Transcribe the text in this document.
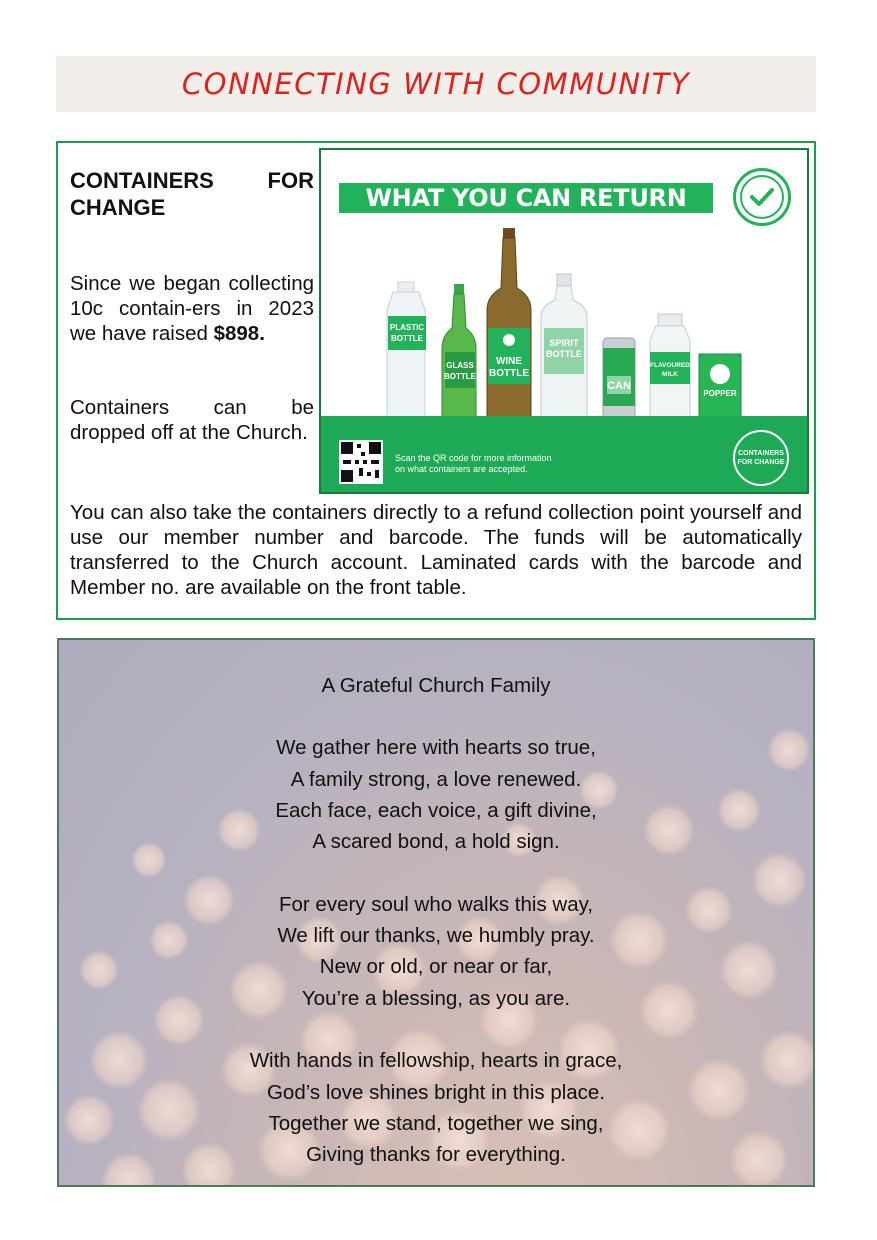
CONNECTING WITH COMMUNITY
CONTAINERS FOR
CHANGE
Since we began collecting 10c contain-ers in 2023 we have raised $898.
Containers can be dropped off at the Church.
WHAT YOU CAN RETURN
PLASTIC
BOTTLE
GLASS
BOTTLE
WINE
BOTTLE
SPIRIT
BOTTLE
CAN
FLAVOURED
MILK
POPPER
Scan the QR code for more information
on what containers are accepted.
CONTAINERS
FOR CHANGE
You can also take the containers directly to a refund collection point yourself and use our member number and barcode. The funds will be automatically transferred to the Church account. Laminated cards with the barcode and Member no. are available on the front table.
A Grateful Church Family
We gather here with hearts so true,
A family strong, a love renewed.
Each face, each voice, a gift divine,
A scared bond, a hold sign.
For every soul who walks this way,
We lift our thanks, we humbly pray.
New or old, or near or far,
You’re a blessing, as you are.
With hands in fellowship, hearts in grace,
God’s love shines bright in this place.
Together we stand, together we sing,
Giving thanks for everything.
